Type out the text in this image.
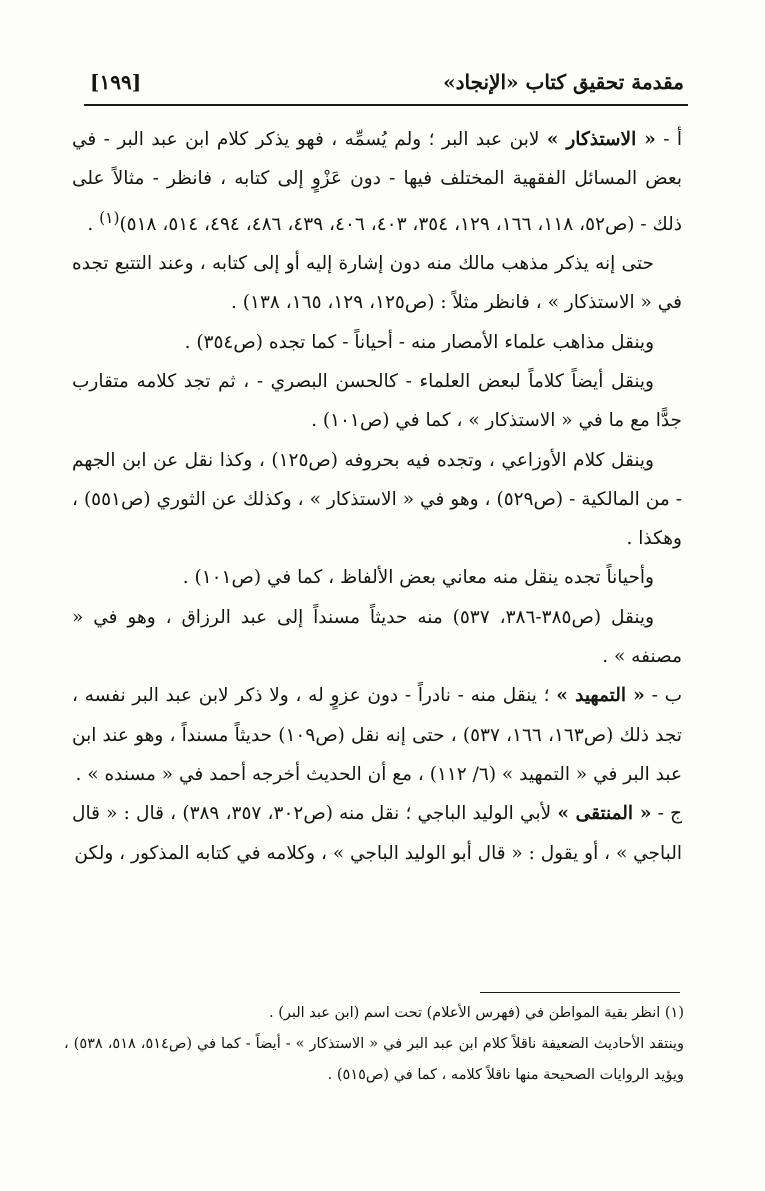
مقدمة تحقيق كتاب «الإنجاد»
[١٩٩]

أ - « الاستذكار » لابن عبد البر ؛ ولم يُسمِّه ، فهو يذكر كلام ابن عبد البر - في بعض المسائل الفقهية المختلف فيها - دون عَزْوٍ إلى كتابه ، فانظر - مثالاً على ذلك - (ص٥٢، ١١٨، ١٦٦، ١٢٩، ٣٥٤، ٤٠٣، ٤٠٦، ٤٣٩، ٤٨٦، ٤٩٤، ٥١٤، ٥١٨)$^{(١)}$ .

حتى إنه يذكر مذهب مالك منه دون إشارة إليه أو إلى كتابه ، وعند التتبع تجده في « الاستذكار » ، فانظر مثلاً : (ص١٢٥، ١٢٩، ١٦٥، ١٣٨) .

وينقل مذاهب علماء الأمصار منه - أحياناً - كما تجده (ص٣٥٤) .

وينقل أيضاً كلاماً لبعض العلماء - كالحسن البصري - ، ثم تجد كلامه متقارب جدًّا مع ما في « الاستذكار » ، كما في (ص١٠١) .

وينقل كلام الأوزاعي ، وتجده فيه بحروفه (ص١٢٥) ، وكذا نقل عن ابن الجهم - من المالكية - (ص٥٢٩) ، وهو في « الاستذكار » ، وكذلك عن الثوري (ص٥٥١) ، وهكذا .

وأحياناً تجده ينقل منه معاني بعض الألفاظ ، كما في (ص١٠١) .

وينقل (ص٣٨٥-٣٨٦، ٥٣٧) منه حديثاً مسنداً إلى عبد الرزاق ، وهو في « مصنفه » .

ب - « التمهيد » ؛ ينقل منه - نادراً - دون عزوٍ له ، ولا ذكر لابن عبد البر نفسه ، تجد ذلك (ص١٦٣، ١٦٦، ٥٣٧) ، حتى إنه نقل (ص١٠٩) حديثاً مسنداً ، وهو عند ابن عبد البر في « التمهيد » (٦/ ١١٢) ، مع أن الحديث أخرجه أحمد في « مسنده » .

ج - « المنتقى » لأبي الوليد الباجي ؛ نقل منه (ص٣٠٢، ٣٥٧، ٣٨٩) ، قال : « قال الباجي » ، أو يقول : « قال أبو الوليد الباجي » ، وكلامه في كتابه المذكور ، ولكن

(١) انظر بقية المواطن في (فهرس الأعلام) تحت اسم (ابن عبد البر) .

وينتقد الأحاديث الضعيفة ناقلاً كلام ابن عبد البر في « الاستذكار » - أيضاً - كما في (ص٥١٤، ٥١٨، ٥٣٨) ، ويؤيد الروايات الصحيحة منها ناقلاً كلامه ، كما في (ص٥١٥) .
